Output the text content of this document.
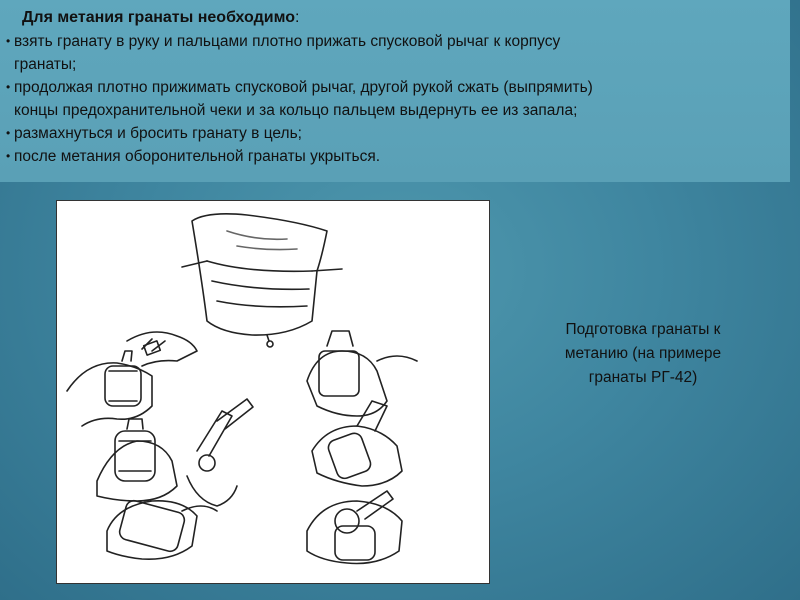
Для метания гранаты необходимо:

• взять гранату в руку и пальцами плотно прижать спусковой рычаг к корпусу
гранаты;
• продолжая плотно прижимать спусковой рычаг, другой рукой сжать (выпрямить)
концы предохранительной чеки и за кольцо пальцем выдернуть ее из запала;
• размахнуться и бросить гранату в цель;
• после метания оборонительной гранаты укрыться.
Подготовка гранаты к
метанию (на примере
гранаты РГ-42)
